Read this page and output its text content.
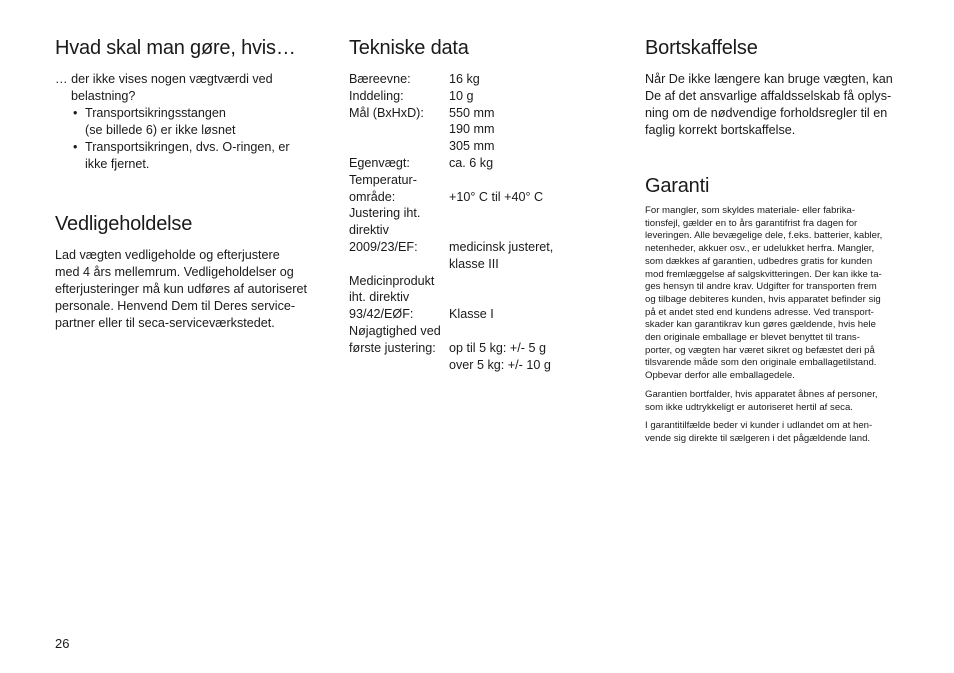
Hvad skal man gøre, hvis…

… der ikke vises nogen vægtværdi ved

belastning?

• Transportsikringsstangen
(se billede 6) er ikke løsnet
• Transportsikringen, dvs. O-ringen, er
ikke fjernet.
Vedligeholdelse

Lad vægten vedligeholde og efterjustere

med 4 års mellemrum. Vedligeholdelser og

efterjusteringer må kun udføres af autoriseret

personale. Henvend Dem til Deres service-

partner eller til seca-serviceværkstedet.

Tekniske data
Bæreevne:	16 kg
Inddeling:	10 g
Mål (BxHxD):	550 mm
	190 mm
	305 mm
Egenvægt:	ca. 6 kg
Temperatur-	
område:	+10° C til +40° C
Justering iht.	
direktiv	
2009/23/EF:	medicinsk justeret,
	klasse III
Medicinprodukt	
iht. direktiv	
93/42/EØF:	Klasse I
Nøjagtighed ved	
første justering:	op til 5 kg: +/- 5 g
	over 5 kg: +/- 10 g
Bortskaffelse

Når De ikke længere kan bruge vægten, kan

De af det ansvarlige affaldsselskab få oplys-

ning om de nødvendige forholdsregler til en

faglig korrekt bortskaffelse.

Garanti

For mangler, som skyldes materiale- eller fabrika-

tionsfejl, gælder en to års garantifrist fra dagen for

leveringen. Alle bevægelige dele, f.eks. batterier, kabler,

netenheder, akkuer osv., er udelukket herfra. Mangler,

som dækkes af garantien, udbedres gratis for kunden

mod fremlæggelse af salgskvitteringen. Der kan ikke ta-

ges hensyn til andre krav. Udgifter for transporten frem

og tilbage debiteres kunden, hvis apparatet befinder sig

på et andet sted end kundens adresse. Ved transport-

skader kan garantikrav kun gøres gældende, hvis hele

den originale emballage er blevet benyttet til trans-

porter, og vægten har været sikret og befæstet deri på

tilsvarende måde som den originale emballagetilstand.

Opbevar derfor alle emballagedele.

Garantien bortfalder, hvis apparatet åbnes af personer,

som ikke udtrykkeligt er autoriseret hertil af seca.

I garantitilfælde beder vi kunder i udlandet om at hen-

vende sig direkte til sælgeren i det pågældende land.

26
